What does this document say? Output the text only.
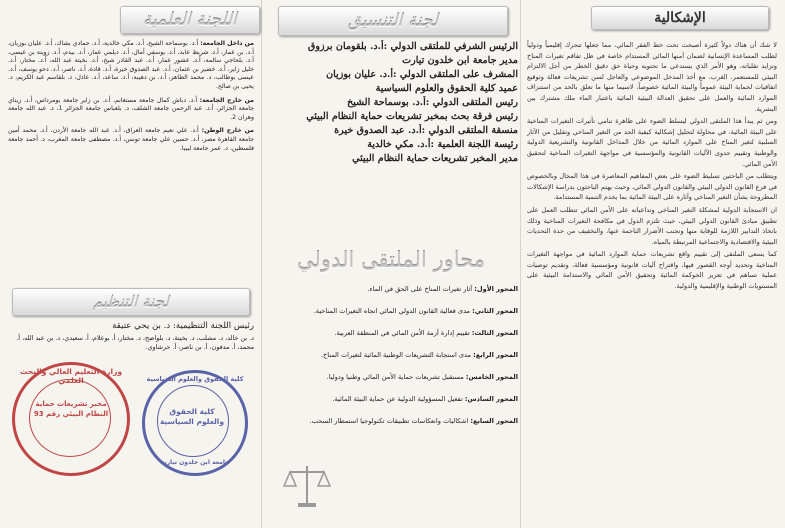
الإشكالية

لا شك أن هناك دولاً كثيرة أصبحت تحت خط الفقر المائي، مما جعلها تتحرك إقليمياً ودولياً لطلب المساعدة الإنسانية لضمان أمنها المائي المستدام خاصة في ظل تفاقم تغيرات المناخ وتزايد تقلباته، وهو الأمر الذي يستدعي ما تحتويه وحياة حق دقيق الخطر من أجل الالتزام البيئي للمستعمر. الغرب، مع أخذ المدخل الموضوعي والعاجل لسن تشريعات فعالة وتوقيع اتفاقيات لحماية البيئة عموماً والبيئة المائية خصوصاً، لاسيما منها ما تعلق بالحد من استنزاف الموارد المائية والعمل على تحقيق العدالة البيئية المائية باعتبار الماء ملك مشترك بين البشرية.

ومن ثم يبدأ هذا الملتقى الدولي ليسلط الضوء على ظاهرة تنامي تأثيرات التغيرات المناخية على البيئة المائية، في محاولة لتحليل إشكالية كيفية الحد من التغير المناخي وتقليل من الآثار السلبية لتغير المناخ على الموارد المائية من خلال المداخل القانونية والتشريعية الدولية والوطنية وتقييم جدوى الآليات القانونية والمؤسسية في مواجهة التغيرات المناخية لتحقيق الأمن المائي.

ويتطلب من الباحثين تسليط الضوء على بعض المفاهيم المعاصرة في هذا المجال وبالخصوص في فرع القانون الدولي البيئي والقانون الدولي المائي، وحيث يهتم الباحثون بدراسة الإشكالات المطروحة بشأن التغير المناخي وآثاره على البيئة المائية بما يخدم التنمية المستدامة.

ان الاستجابة الدولية لمشكلة التغير المناخي وتداعياته على الأمن المائي تتطلب العمل على تطبيق مبادئ القانون الدولي البيئي، حيث تلتزم الدول في مكافحة التغيرات المناخية وذلك باتخاذ التدابير اللازمة للوقاية منها وتجنب الأضرار الناجمة عنها، والتخفيف من حدة التحديات البيئية والاقتصادية والاجتماعية المرتبطة بالمياه.

كما يسعى الملتقى إلى تقييم واقع تشريعات حماية الموارد المائية في مواجهة التغيرات المناخية وتحديد أوجه القصور فيها، واقتراح آليات قانونية ومؤسسية فعالة، وتقديم توصيات عملية تساهم في تعزيز الحوكمة المائية وتحقيق الأمن المائي والاستدامة البيئية على المستويات الوطنية والإقليمية والدولية.

لجنة التنسيق
الرئيس الشرفي للملتقى الدولي :أ.د. بلقومان برزوق
مدير جامعة ابن خلدون تيارت
المشرف على الملتقى الدولي :أ.د. عليان بوزيان
عميد كلية الحقوق والعلوم السياسية
رئيس الملتقى الدولي :أ.د. بوسماحة الشيخ
رئيس فرقة بحث بمخبر تشريعات حماية النظام البيئي
منسقة الملتقى الدولي :أ.د. عبد الصدوق خيرة
رئيسة اللجنة العلمية :أ.د. مكي خالدية
مدير المخبر تشريعات حماية النظام البيئي
محاور الملتقى الدولي
المحور الأول: آثار تغيرات المناخ على الحق في الماء.
المحور الثاني: مدى فعالية القانون الدولي المائي اتجاه التغيرات المناخية.
المحور الثالث: تقييم إدارة أزمة الأمن المائي في المنطقة العربية.
المحور الرابع: مدى استجابة التشريعات الوطنية المائية لتغيرات المناخ.
المحور الخامس: مستقبل تشريعات حماية الأمن المائي وطنيا ودوليا.
المحور السادس: تفعيل المسؤولية الدولية عن حماية البيئة المائية.
المحور السابع: اشكاليات وانعكاسات تطبيقات تكنولوجيا استمطار السحب.
اللجنة العلمية

من داخل الجامعة: أ.د. بوسماحة الشيخ، أ.د. مكي خالدية، أ.د. حمادي بشاك، أ.د. عليان بوزيان، أ.د. بن عمار، أ.د. شريط عابد، أ.د. يوسفي أمال، أ.د. ديلمي عمار، أ.د. بيدم، أ.د. زوينة بن عيسى، أ.د. بلحاجي سالمة، أ.د. عشور عمار، أ.د. عبد القادر شيخ، أ.د. بخيتة عبد الله، أ.د. مختار، أ.د. خليل زاير، أ.د. خضير بن عثمان، أ.د. عبد الصدوق خيرة، أ.د. قادة، أ.د. ناصر، أ.د. دحو يوسف، أ.د. عيسى بوطالب، د. محمد الطاهر، أ.د. بن دهيبة، أ.د. ساعد، أ.د. عادل، د. بلقاسم عبد الكريم، د. يحيى بن صالح.

من خارج الجامعة: أ.د. دباش كمال جامعة مستغانم، أ.د. بن زاير جامعة بومرداس، أ.د. زيناي جامعة الجزائر، أ.د. عبد الرحمن جامعة الشلف، د. بلعباس جامعة الجزائر 1، د. عبد الله جامعة وهران 2.

من خارج الوطن: أ.د. علي نعيم جامعة العراق، أ.د. عبد الله جامعة الأردن، أ.د. محمد أمين جامعة القاهرة مصر، أ.د. حسين علي جامعة تونس، أ.د. مصطفى جامعة المغرب، د. أحمد جامعة فلسطين، د. عمر جامعة ليبيا.

لجنة التنظيم
رئيس اللجنة التنظيمية: د. بن يحي عتيقة
د. بن خالد، د. مشلب، د. بخيتة، د. بلواضح، د. مختار، أ. بوعلام، أ. سعيدي، د. بن عبد الله، أ. محمد، أ. مدفون، أ. بن ناصر، أ. حرشاوي.
وزارة التعليم العالي والبحث العلمي
مخبر تشريعات حماية النظام البيئي رقم 93
كلية الحقوق والعلوم السياسية
كلية الحقوق والعلوم السياسية
جامعة ابن خلدون تيارت
